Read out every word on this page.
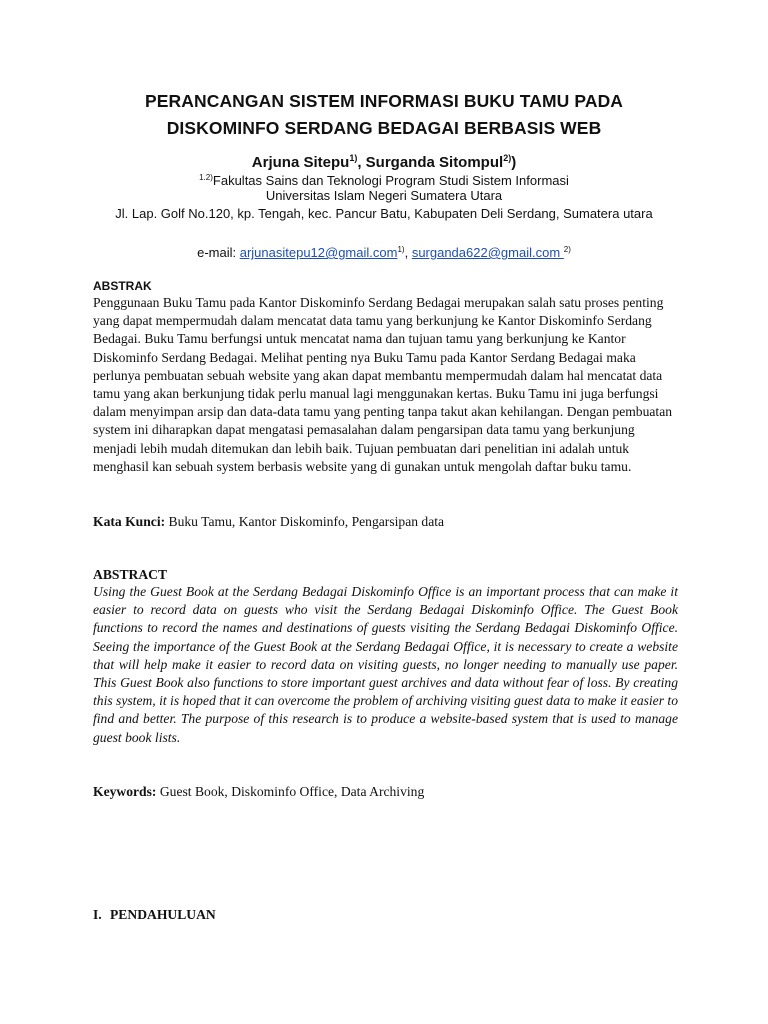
PERANCANGAN SISTEM INFORMASI BUKU TAMU PADA
DISKOMINFO SERDANG BEDAGAI BERBASIS WEB
Arjuna Sitepu$^{1)}$, Surganda Sitompul$^{2)}$)
$^{1.2)}$Fakultas Sains dan Teknologi Program Studi Sistem Informasi
Universitas Islam Negeri Sumatera Utara
Jl. Lap. Golf No.120, kp. Tengah, kec. Pancur Batu, Kabupaten Deli Serdang, Sumatera utara
e-mail: arjunasitepu12@gmail.com$^{1)}$, surganda622@gmail.com $^{2)}$
ABSTRAK
Penggunaan Buku Tamu pada Kantor Diskominfo Serdang Bedagai merupakan salah satu proses penting yang dapat mempermudah dalam mencatat data tamu yang berkunjung ke Kantor Diskominfo Serdang Bedagai. Buku Tamu berfungsi untuk mencatat nama dan tujuan tamu yang berkunjung ke Kantor Diskominfo Serdang Bedagai. Melihat penting nya Buku Tamu pada Kantor Serdang Bedagai maka perlunya pembuatan sebuah website yang akan dapat membantu mempermudah dalam hal mencatat data tamu yang akan berkunjung tidak perlu manual lagi menggunakan kertas. Buku Tamu ini juga berfungsi dalam menyimpan arsip dan data-data tamu yang penting tanpa takut akan kehilangan. Dengan pembuatan system ini diharapkan dapat mengatasi pemasalahan dalam pengarsipan data tamu yang berkunjung menjadi lebih mudah ditemukan dan lebih baik. Tujuan pembuatan dari penelitian ini adalah untuk menghasil kan sebuah system berbasis website yang di gunakan untuk mengolah daftar buku tamu.
Kata Kunci: Buku Tamu, Kantor Diskominfo, Pengarsipan data
ABSTRACT
Using the Guest Book at the Serdang Bedagai Diskominfo Office is an important process that can make it easier to record data on guests who visit the Serdang Bedagai Diskominfo Office. The Guest Book functions to record the names and destinations of guests visiting the Serdang Bedagai Diskominfo Office. Seeing the importance of the Guest Book at the Serdang Bedagai Office, it is necessary to create a website that will help make it easier to record data on visiting guests, no longer needing to manually use paper. This Guest Book also functions to store important guest archives and data without fear of loss. By creating this system, it is hoped that it can overcome the problem of archiving visiting guest data to make it easier to find and better. The purpose of this research is to produce a website-based system that is used to manage guest book lists.
Keywords: Guest Book, Diskominfo Office, Data Archiving
I. PENDAHULUAN
